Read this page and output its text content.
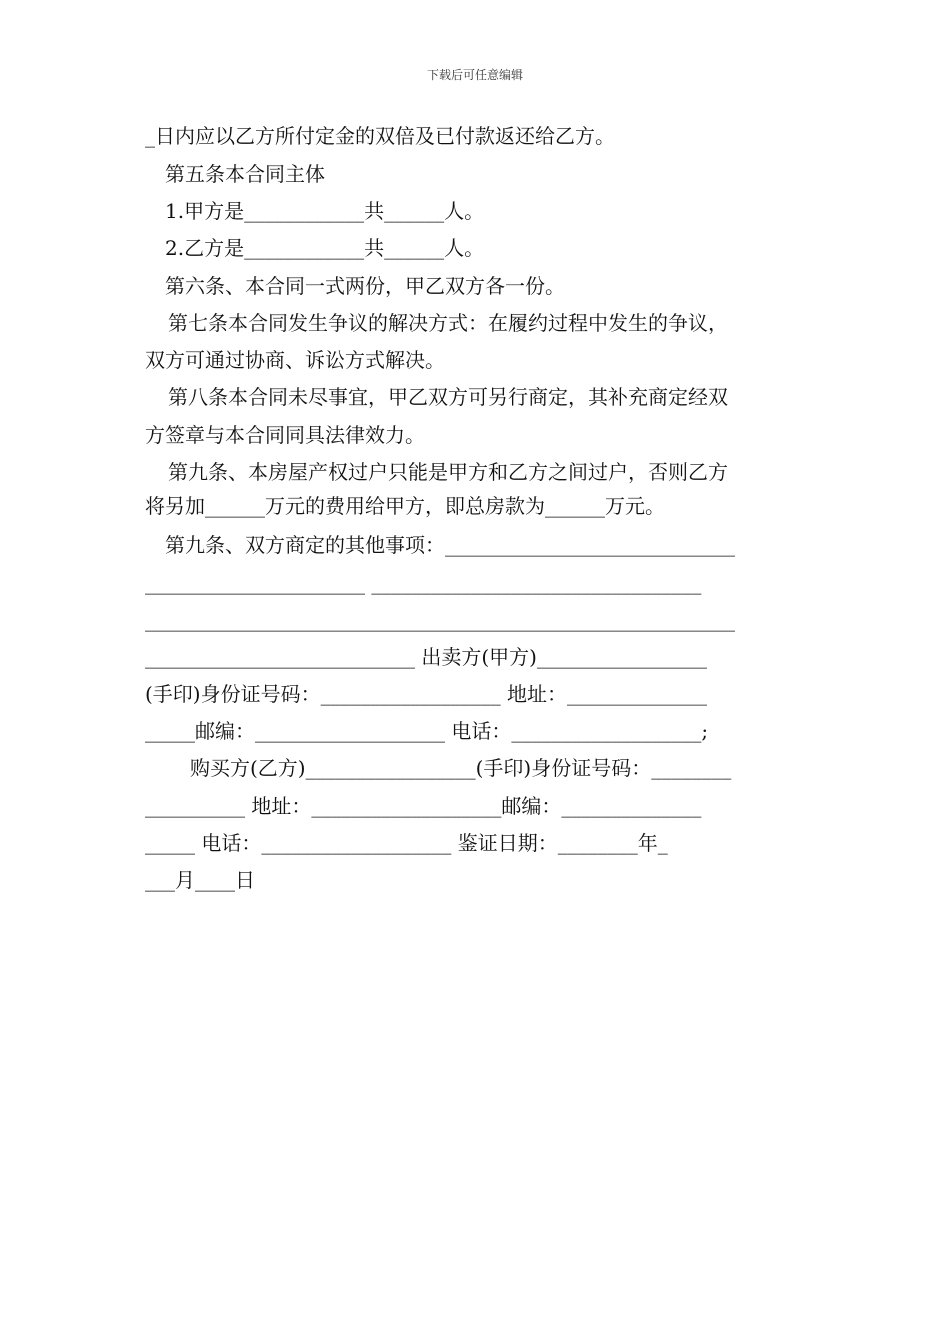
下载后可任意编辑
_日内应以乙方所付定金的双倍及已付款返还给乙方。
第五条本合同主体
1.甲方是____________共______人。
2.乙方是____________共______人。
第六条、本合同一式两份，甲乙双方各一份。
第七条本合同发生争议的解决方式：在履约过程中发生的争议，
双方可通过协商、诉讼方式解决。
第八条本合同未尽事宜，甲乙双方可另行商定，其补充商定经双
方签章与本合同同具法律效力。
第九条、本房屋产权过户只能是甲方和乙方之间过户，否则乙方
将另加______万元的费用给甲方，即总房款为______万元。
第九条、双方商定的其他事项：_____________________________
______________________ _________________________________
___________________________________________________________
___________________________ 出卖方(甲方)_________________
(手印)身份证号码：__________________ 地址：______________
_____邮编：___________________ 电话：___________________;
购买方(乙方)_________________(手印)身份证号码：________
__________ 地址：___________________邮编：______________
_____ 电话：___________________ 鉴证日期：________年_
___月____日
